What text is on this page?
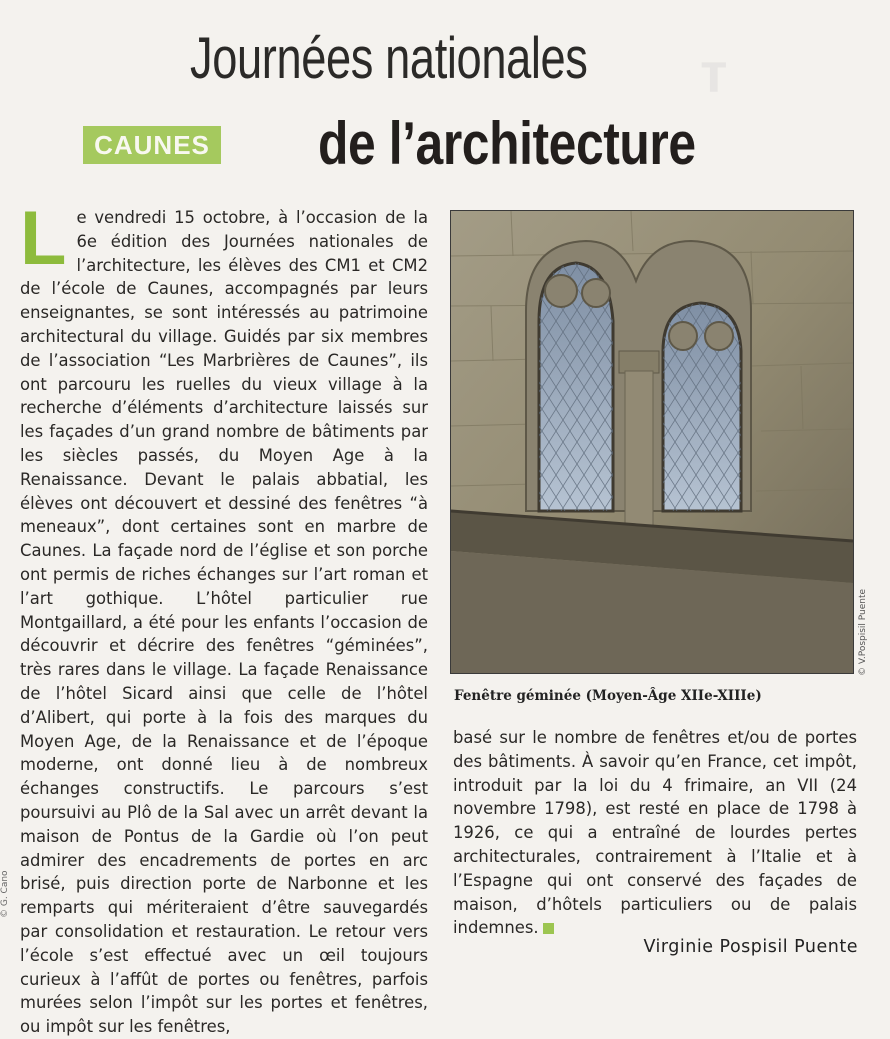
ᴛ
Journées nationales
CAUNES de l’architecture
Le vendredi 15 octobre, à l’occasion de la 6e édition des Journées nationales de l’architecture, les élèves des CM1 et CM2 de l’école de Caunes, accompagnés par leurs enseignantes, se sont intéressés au patrimoine architectural du village. Guidés par six membres de l’association “Les Marbrières de Caunes”, ils ont parcouru les ruelles du vieux village à la recherche d’éléments d’architecture laissés sur les façades d’un grand nombre de bâtiments par les siècles passés, du Moyen Age à la Renaissance. Devant le palais abbatial, les élèves ont découvert et dessiné des fenêtres “à meneaux”, dont certaines sont en marbre de Caunes. La façade nord de l’église et son porche ont permis de riches échanges sur l’art roman et l’art gothique. L’hôtel particulier rue Montgaillard, a été pour les enfants l’occasion de découvrir et décrire des fenêtres “géminées”, très rares dans le village. La façade Renaissance de l’hôtel Sicard ainsi que celle de l’hôtel d’Alibert, qui porte à la fois des marques du Moyen Age, de la Renaissance et de l’époque moderne, ont donné lieu à de nombreux échanges constructifs. Le parcours s’est poursuivi au Plô de la Sal avec un arrêt devant la maison de Pontus de la Gardie où l’on peut admirer des encadrements de portes en arc brisé, puis direction porte de Narbonne et les remparts qui mériteraient d’être sauvegardés par consolidation et restauration. Le retour vers l’école s’est effectué avec un œil toujours curieux à l’affût de portes ou fenêtres, parfois murées selon l’impôt sur les portes et fenêtres, ou impôt sur les fenêtres,
© V.Pospisil Puente
© G. Cano
Fenêtre géminée (Moyen-Âge XIIe-XIIIe)
basé sur le nombre de fenêtres et/ou de portes des bâtiments. À savoir qu’en France, cet impôt, introduit par la loi du 4 frimaire, an VII (24 novembre 1798), est resté en place de 1798 à 1926, ce qui a entraîné de lourdes pertes architecturales, contrairement à l’Italie et à l’Espagne qui ont conservé des façades de maison, d’hôtels particuliers ou de palais indemnes.
Virginie Pospisil Puente
